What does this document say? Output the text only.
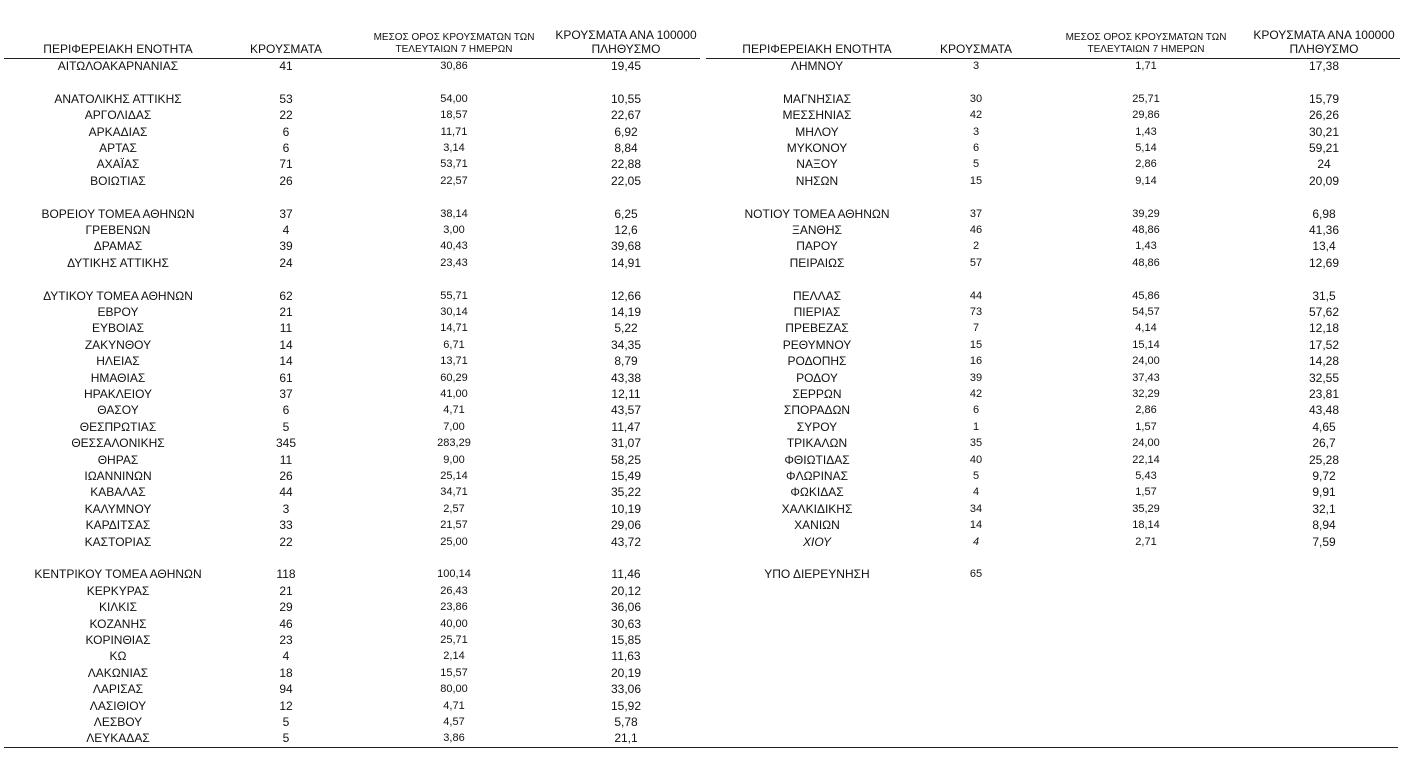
ΠΕΡΙΦΕΡΕΙΑΚΗ ΕΝΟΤΗΤΑ	ΚΡΟΥΣΜΑΤΑ
ΜΕΣΟΣ ΟΡΟΣ ΚΡΟΥΣΜΑΤΩΝ ΤΩΝ
ΤΕΛΕΥΤΑΙΩΝ 7 ΗΜΕΡΩΝ
ΚΡΟΥΣΜΑΤΑ ΑΝΑ 100000
ΠΛΗΘΥΣΜΟ
ΑΙΤΩΛΟΑΚΑΡΝΑΝΙΑΣ	41	30,86	19,45
ΑΝΑΤΟΛΙΚΗΣ ΑΤΤΙΚΗΣ	53	54,00	10,55
ΑΡΓΟΛΙΔΑΣ	22	18,57	22,67
ΑΡΚΑΔΙΑΣ	6	11,71	6,92
ΑΡΤΑΣ	6	3,14	8,84
ΑΧΑΪΑΣ	71	53,71	22,88
ΒΟΙΩΤΙΑΣ	26	22,57	22,05
ΒΟΡΕΙΟΥ ΤΟΜΕΑ ΑΘΗΝΩΝ	37	38,14	6,25
ΓΡΕΒΕΝΩΝ	4	3,00	12,6
ΔΡΑΜΑΣ	39	40,43	39,68
ΔΥΤΙΚΗΣ ΑΤΤΙΚΗΣ	24	23,43	14,91
ΔΥΤΙΚΟΥ ΤΟΜΕΑ ΑΘΗΝΩΝ	62	55,71	12,66
ΕΒΡΟΥ	21	30,14	14,19
ΕΥΒΟΙΑΣ	11	14,71	5,22
ΖΑΚΥΝΘΟΥ	14	6,71	34,35
ΗΛΕΙΑΣ	14	13,71	8,79
ΗΜΑΘΙΑΣ	61	60,29	43,38
ΗΡΑΚΛΕΙΟΥ	37	41,00	12,11
ΘΑΣΟΥ	6	4,71	43,57
ΘΕΣΠΡΩΤΙΑΣ	5	7,00	11,47
ΘΕΣΣΑΛΟΝΙΚΗΣ	345	283,29	31,07
ΘΗΡΑΣ	11	9,00	58,25
ΙΩΑΝΝΙΝΩΝ	26	25,14	15,49
ΚΑΒΑΛΑΣ	44	34,71	35,22
ΚΑΛΥΜΝΟΥ	3	2,57	10,19
ΚΑΡΔΙΤΣΑΣ	33	21,57	29,06
ΚΑΣΤΟΡΙΑΣ	22	25,00	43,72
ΚΕΝΤΡΙΚΟΥ ΤΟΜΕΑ ΑΘΗΝΩΝ	118	100,14	11,46
ΚΕΡΚΥΡΑΣ	21	26,43	20,12
ΚΙΛΚΙΣ	29	23,86	36,06
ΚΟΖΑΝΗΣ	46	40,00	30,63
ΚΟΡΙΝΘΙΑΣ	23	25,71	15,85
ΚΩ	4	2,14	11,63
ΛΑΚΩΝΙΑΣ	18	15,57	20,19
ΛΑΡΙΣΑΣ	94	80,00	33,06
ΛΑΣΙΘΙΟΥ	12	4,71	15,92
ΛΕΣΒΟΥ	5	4,57	5,78
ΛΕΥΚΑΔΑΣ	5	3,86	21,1
ΠΕΡΙΦΕΡΕΙΑΚΗ ΕΝΟΤΗΤΑ	ΚΡΟΥΣΜΑΤΑ
ΜΕΣΟΣ ΟΡΟΣ ΚΡΟΥΣΜΑΤΩΝ ΤΩΝ
ΤΕΛΕΥΤΑΙΩΝ 7 ΗΜΕΡΩΝ
ΚΡΟΥΣΜΑΤΑ ΑΝΑ 100000
ΠΛΗΘΥΣΜΟ
ΛΗΜΝΟΥ	3	1,71	17,38
ΜΑΓΝΗΣΙΑΣ	30	25,71	15,79
ΜΕΣΣΗΝΙΑΣ	42	29,86	26,26
ΜΗΛΟΥ	3	1,43	30,21
ΜΥΚΟΝΟΥ	6	5,14	59,21
ΝΑΞΟΥ	5	2,86	24
ΝΗΣΩΝ	15	9,14	20,09
ΝΟΤΙΟΥ ΤΟΜΕΑ ΑΘΗΝΩΝ	37	39,29	6,98
ΞΑΝΘΗΣ	46	48,86	41,36
ΠΑΡΟΥ	2	1,43	13,4
ΠΕΙΡΑΙΩΣ	57	48,86	12,69
ΠΕΛΛΑΣ	44	45,86	31,5
ΠΙΕΡΙΑΣ	73	54,57	57,62
ΠΡΕΒΕΖΑΣ	7	4,14	12,18
ΡΕΘΥΜΝΟΥ	15	15,14	17,52
ΡΟΔΟΠΗΣ	16	24,00	14,28
ΡΟΔΟΥ	39	37,43	32,55
ΣΕΡΡΩΝ	42	32,29	23,81
ΣΠΟΡΑΔΩΝ	6	2,86	43,48
ΣΥΡΟΥ	1	1,57	4,65
ΤΡΙΚΑΛΩΝ	35	24,00	26,7
ΦΘΙΩΤΙΔΑΣ	40	22,14	25,28
ΦΛΩΡΙΝΑΣ	5	5,43	9,72
ΦΩΚΙΔΑΣ	4	1,57	9,91
ΧΑΛΚΙΔΙΚΗΣ	34	35,29	32,1
ΧΑΝΙΩΝ	14	18,14	8,94
ΧΙΟΥ	4	2,71	7,59
ΥΠΟ ΔΙΕΡΕΥΝΗΣΗ	65
